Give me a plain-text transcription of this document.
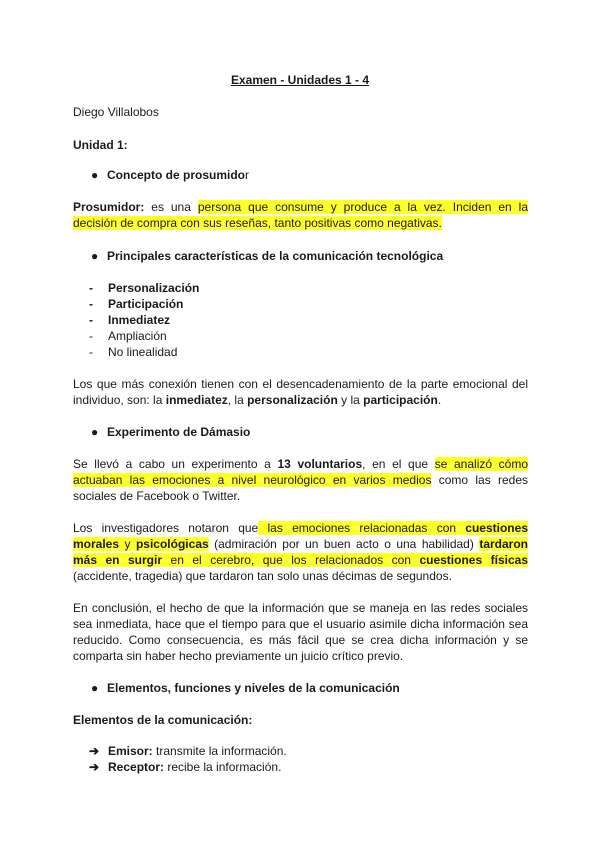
Examen - Unidades 1 - 4
Diego Villalobos
Unidad 1:
● Concepto de prosumidor
Prosumidor: es una persona que consume y produce a la vez. Inciden en la decisión de compra con sus reseñas, tanto positivas como negativas.
● Principales características de la comunicación tecnológica
- Personalización
- Participación
- Inmediatez
- Ampliación
- No linealidad
Los que más conexión tienen con el desencadenamiento de la parte emocional del individuo, son: la inmediatez, la personalización y la participación.
● Experimento de Dámasio
Se llevó a cabo un experimento a 13 voluntarios, en el que se analizó cómo actuaban las emociones a nivel neurológico en varios medios como las redes sociales de Facebook o Twitter.
Los investigadores notaron que las emociones relacionadas con cuestiones morales y psicológicas (admiración por un buen acto o una habilidad) tardaron más en surgir en el cerebro, que los relacionados con cuestiones físicas (accidente, tragedia) que tardaron tan solo unas décimas de segundos.
En conclusión, el hecho de que la información que se maneja en las redes sociales sea inmediata, hace que el tiempo para que el usuario asimile dicha información sea reducido. Como consecuencia, es más fácil que se crea dicha información y se comparta sin haber hecho previamente un juicio crítico previo.
● Elementos, funciones y niveles de la comunicación
Elementos de la comunicación:
➔ Emisor: transmite la información.
➔ Receptor: recibe la información.
